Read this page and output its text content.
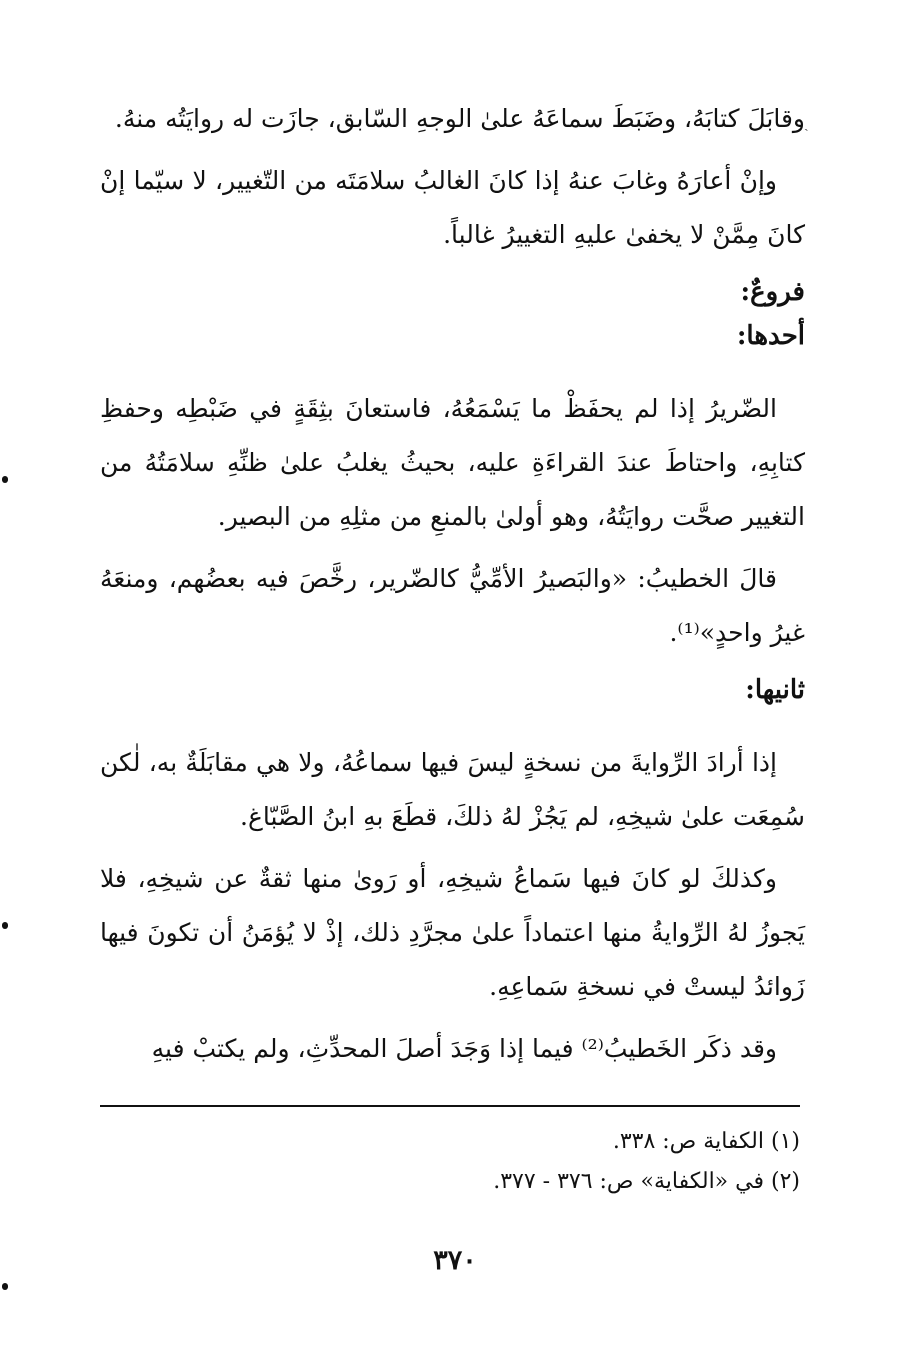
ˎ

وقابَلَ كتابَهُ، وضَبَطَ سماعَهُ علىٰ الوجهِ السّابق، جازَت له روايَتُه منهُ.

وإنْ أعارَهُ وغابَ عنهُ إذا كانَ الغالبُ سلامَتَه من التّغيير، لا سيّما إنْ كانَ مِمَّنْ لا يخفىٰ عليهِ التغييرُ غالباً.

فروعٌ:
أحدها:

الضّريرُ إذا لم يحفَظْ ما يَسْمَعُهُ، فاستعانَ بثِقَةٍ في ضَبْطِه وحفظِ كتابِهِ، واحتاطَ عندَ القراءَةِ عليه، بحيثُ يغلبُ علىٰ ظنِّهِ سلامَتُهُ من التغيير صحَّت روايَتُهُ، وهو أولىٰ بالمنعِ من مثلِهِ من البصير.

قالَ الخطيبُ: «والبَصيرُ الأمِّيُّ كالضّرير، رخَّصَ فيه بعضُهم، ومنعَهُ غيرُ واحدٍ»⁽¹⁾.

ثانيها:

إذا أرادَ الرِّوايةَ من نسخةٍ ليسَ فيها سماعُهُ، ولا هي مقابَلَةٌ به، لٰكن سُمِعَت علىٰ شيخِهِ، لم يَجُزْ لهُ ذلكَ، قطَعَ بهِ ابنُ الصَّبّاغ.

وكذلكَ لو كانَ فيها سَماعُ شيخِهِ، أو رَوىٰ منها ثقةٌ عن شيخِهِ، فلا يَجوزُ لهُ الرِّوايةُ منها اعتماداً علىٰ مجرَّدِ ذلك، إذْ لا يُؤمَنُ أن تكونَ فيها زَوائدُ ليستْ في نسخةِ سَماعِهِ.

وقد ذكَر الخَطيبُ⁽²⁾ فيما إذا وَجَدَ أصلَ المحدِّثِ، ولم يكتبْ فيهِ

(١) الكفاية ص: ٣٣٨.

(٢) في «الكفاية» ص: ٣٧٦ - ٣٧٧.

٣٧٠
